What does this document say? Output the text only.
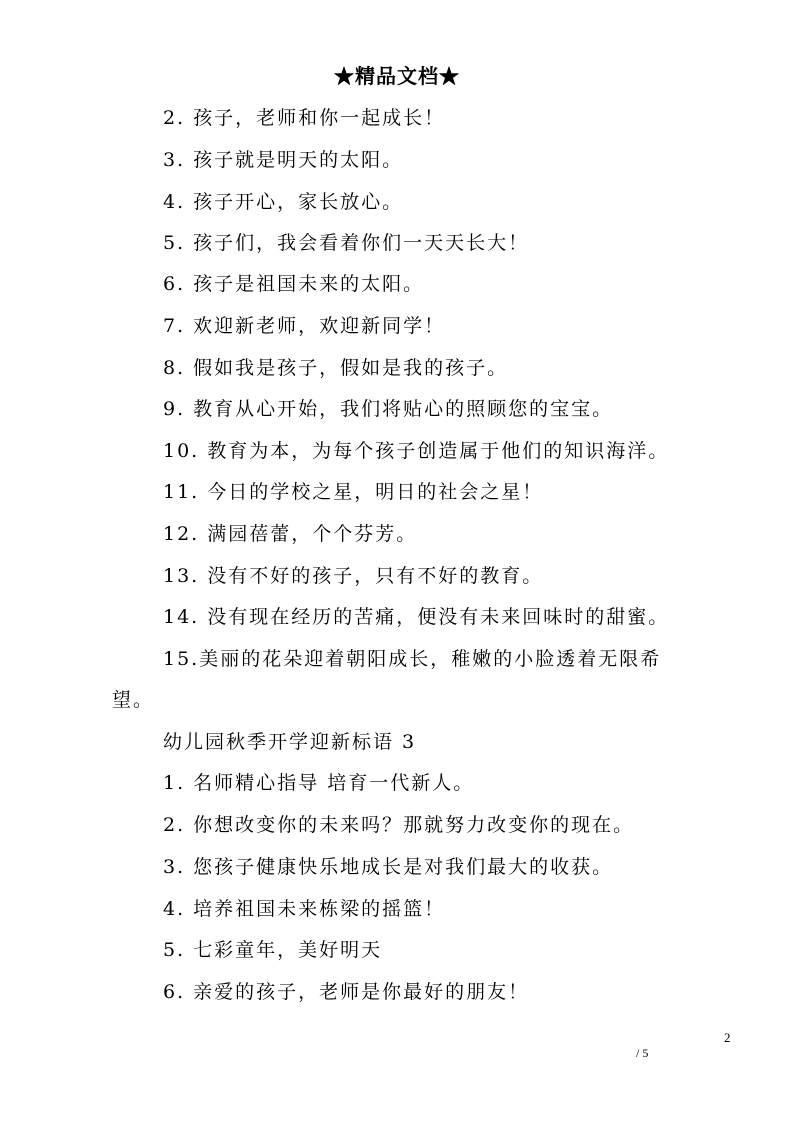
★精品文档★
2. 孩子，老师和你一起成长！
3. 孩子就是明天的太阳。
4. 孩子开心，家长放心。
5. 孩子们，我会看着你们一天天长大！
6. 孩子是祖国未来的太阳。
7. 欢迎新老师，欢迎新同学！
8. 假如我是孩子，假如是我的孩子。
9. 教育从心开始，我们将贴心的照顾您的宝宝。
10. 教育为本，为每个孩子创造属于他们的知识海洋。
11. 今日的学校之星，明日的社会之星！
12. 满园蓓蕾，个个芬芳。
13. 没有不好的孩子，只有不好的教育。
14. 没有现在经历的苦痛，便没有未来回味时的甜蜜。
15.美丽的花朵迎着朝阳成长，稚嫩的小脸透着无限希
望。
幼儿园秋季开学迎新标语 3
1. 名师精心指导 培育一代新人。
2. 你想改变你的未来吗？那就努力改变你的现在。
3. 您孩子健康快乐地成长是对我们最大的收获。
4. 培养祖国未来栋梁的摇篮！
5. 七彩童年，美好明天
6. 亲爱的孩子，老师是你最好的朋友！
2
/ 5
